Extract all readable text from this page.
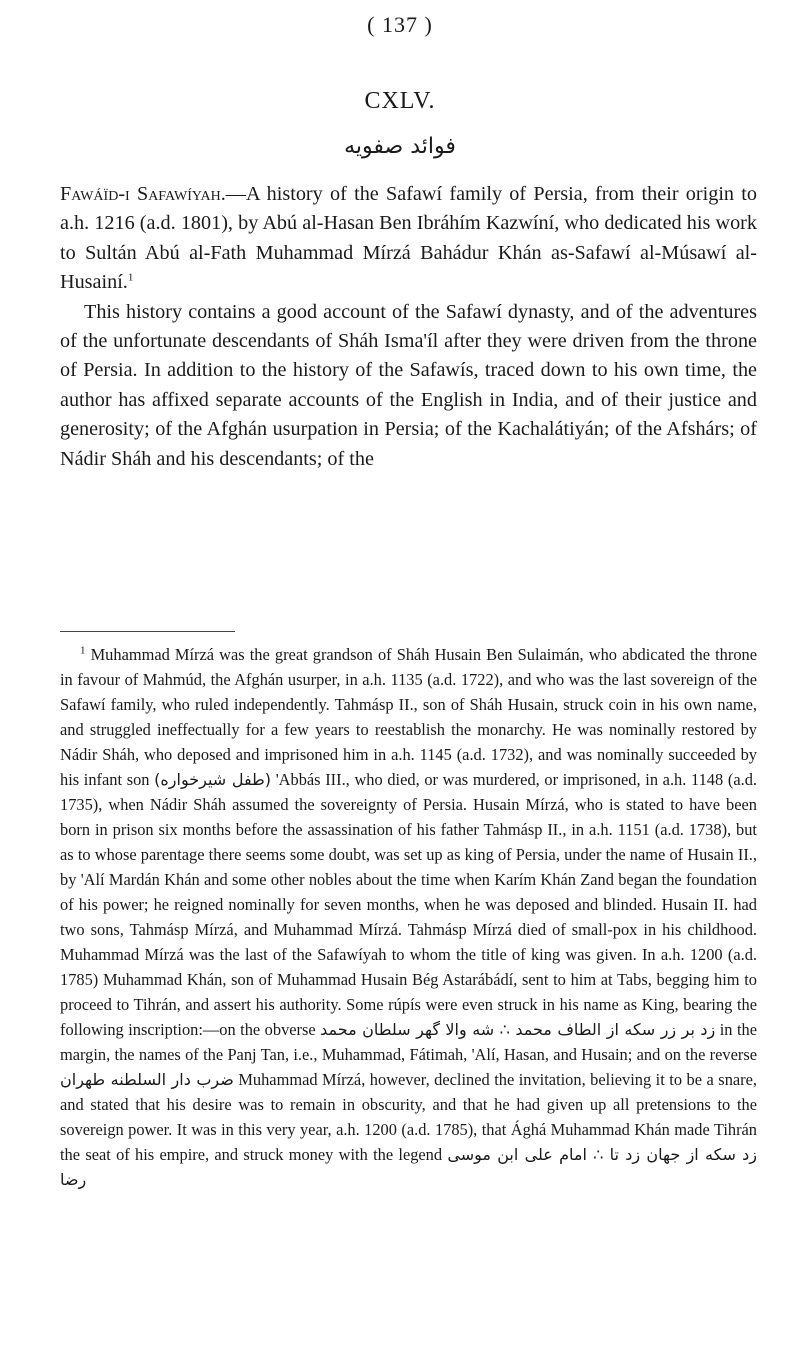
( 137 )
CXLV.
فوائد صفويه

Fawáïd-i Safawíyah.—A history of the Safawí family of Persia, from their origin to a.h. 1216 (a.d. 1801), by Abú al-Hasan Ben Ibráhím Kazwíní, who dedicated his work to Sultán Abú al-Fath Muhammad Mírzá Bahádur Khán as-Safawí al-Músawí al-Husainí.$^1$

This history contains a good account of the Safawí dynasty, and of the adventures of the unfortunate descendants of Sháh Isma'íl after they were driven from the throne of Persia. In addition to the history of the Safawís, traced down to his own time, the author has affixed separate accounts of the English in India, and of their justice and generosity; of the Afghán usurpation in Persia; of the Kachalátiyán; of the Afshárs; of Nádir Sháh and his descendants; of the

$^1$ Muhammad Mírzá was the great grandson of Sháh Husain Ben Sulaimán, who abdicated the throne in favour of Mahmúd, the Afghán usurper, in a.h. 1135 (a.d. 1722), and who was the last sovereign of the Safawí family, who ruled independently. Tahmásp II., son of Sháh Husain, struck coin in his own name, and struggled ineffectually for a few years to reestablish the monarchy. He was nominally restored by Nádir Sháh, who deposed and imprisoned him in a.h. 1145 (a.d. 1732), and was nominally succeeded by his infant son (طفل شیرخواره) 'Abbás III., who died, or was murdered, or imprisoned, in a.h. 1148 (a.d. 1735), when Nádir Sháh assumed the sovereignty of Persia. Husain Mírzá, who is stated to have been born in prison six months before the assassination of his father Tahmásp II., in a.h. 1151 (a.d. 1738), but as to whose parentage there seems some doubt, was set up as king of Persia, under the name of Husain II., by 'Alí Mardán Khán and some other nobles about the time when Karím Khán Zand began the foundation of his power; he reigned nominally for seven months, when he was deposed and blinded. Husain II. had two sons, Tahmásp Mírzá, and Muhammad Mírzá. Tahmásp Mírzá died of small-pox in his childhood. Muhammad Mírzá was the last of the Safawíyah to whom the title of king was given. In a.h. 1200 (a.d. 1785) Muhammad Khán, son of Muhammad Husain Bég Astarábádí, sent to him at Tabs, begging him to proceed to Tihrán, and assert his authority. Some rúpís were even struck in his name as King, bearing the following inscription:—on the obverse زد بر زر سکه از الطاف محمد ∴ شه والا گهر سلطان محمد in the margin, the names of the Panj Tan, i.e., Muhammad, Fátimah, 'Alí, Hasan, and Husain; and on the reverse ضرب دار السلطنه طهران Muhammad Mírzá, however, declined the invitation, believing it to be a snare, and stated that his desire was to remain in obscurity, and that he had given up all pretensions to the sovereign power. It was in this very year, a.h. 1200 (a.d. 1785), that Ághá Muhammad Khán made Tihrán the seat of his empire, and struck money with the legend زد سکه از جهان زد تا ∴ امام علی ابن موسی رضا
